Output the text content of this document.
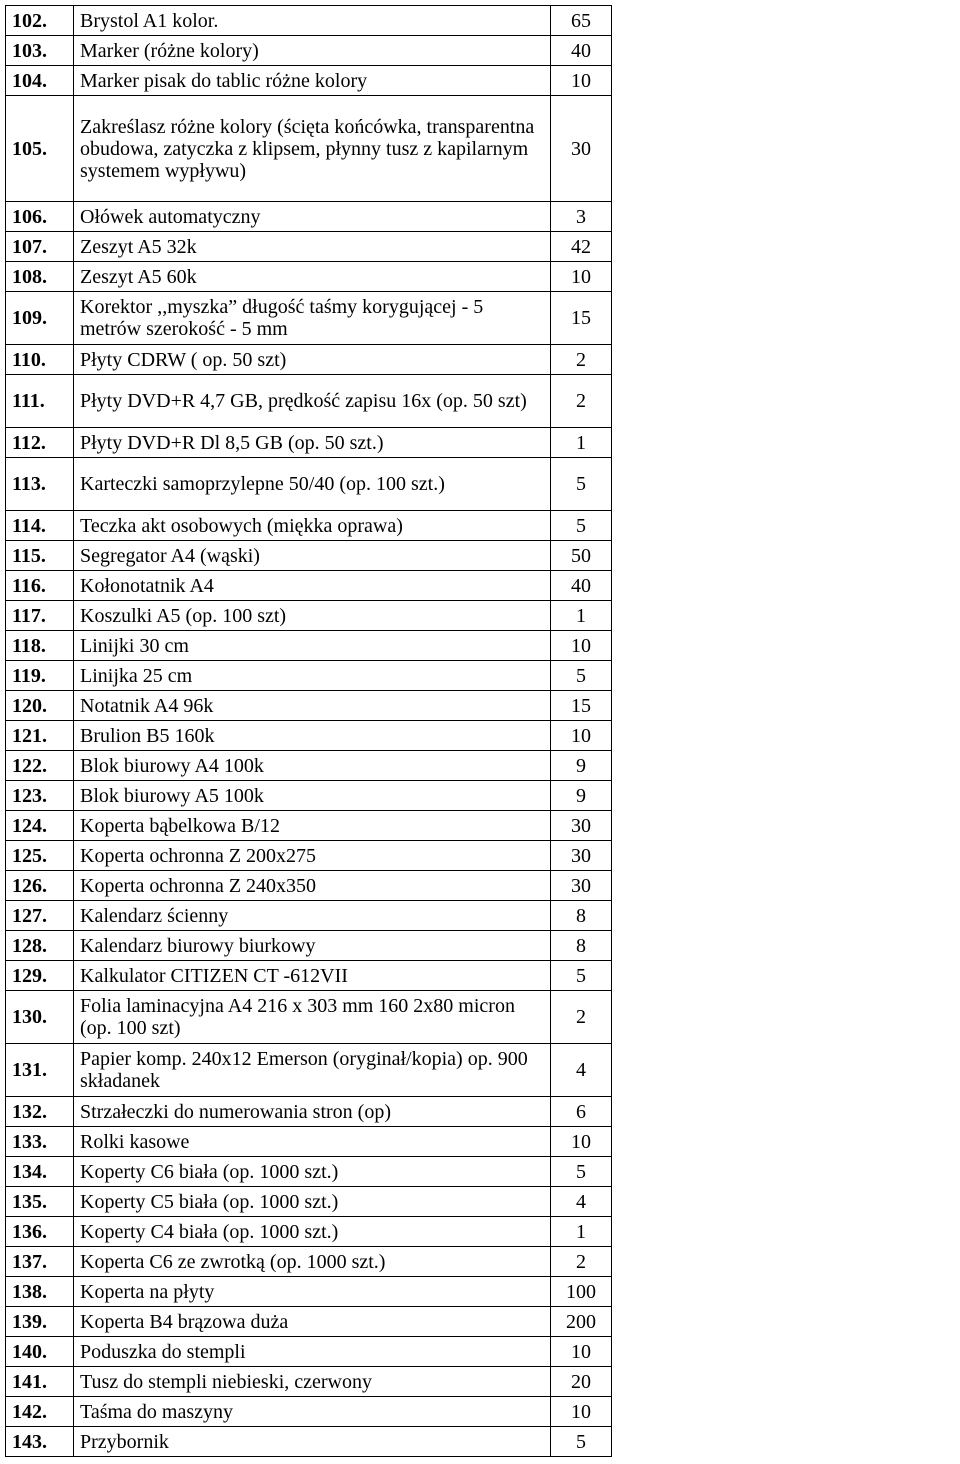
102.	Brystol A1 kolor.	65
103.	Marker (różne kolory)	40
104.	Marker pisak do tablic różne kolory	10
105.	Zakreślasz różne kolory (ścięta końcówka, transparentna obudowa, zatyczka z klipsem, płynny tusz z kapilarnym systemem wypływu)	30
106.	Ołówek automatyczny	3
107.	Zeszyt A5 32k	42
108.	Zeszyt A5 60k	10
109.	Korektor ,,myszka” długość taśmy korygującej - 5 metrów szerokość - 5 mm	15
110.	Płyty CDRW ( op. 50 szt)	2
111.	Płyty DVD+R 4,7 GB, prędkość zapisu 16x (op. 50 szt)	2
112.	Płyty DVD+R Dl 8,5 GB (op. 50 szt.)	1
113.	Karteczki samoprzylepne 50/40 (op. 100 szt.)	5
114.	Teczka akt osobowych (miękka oprawa)	5
115.	Segregator A4 (wąski)	50
116.	Kołonotatnik A4	40
117.	Koszulki A5 (op. 100 szt)	1
118.	Linijki 30 cm	10
119.	Linijka 25 cm	5
120.	Notatnik A4 96k	15
121.	Brulion B5 160k	10
122.	Blok biurowy A4 100k	9
123.	Blok biurowy A5 100k	9
124.	Koperta bąbelkowa B/12	30
125.	Koperta ochronna Z 200x275	30
126.	Koperta ochronna Z 240x350	30
127.	Kalendarz ścienny	8
128.	Kalendarz biurowy biurkowy	8
129.	Kalkulator CITIZEN CT -612VII	5
130.	Folia laminacyjna A4 216 x 303 mm 160 2x80 micron (op. 100 szt)	2
131.	Papier komp. 240x12 Emerson (oryginał/kopia) op. 900 składanek	4
132.	Strzałeczki do numerowania stron (op)	6
133.	Rolki kasowe	10
134.	Koperty C6 biała (op. 1000 szt.)	5
135.	Koperty C5 biała (op. 1000 szt.)	4
136.	Koperty C4 biała (op. 1000 szt.)	1
137.	Koperta C6 ze zwrotką (op. 1000 szt.)	2
138.	Koperta na płyty	100
139.	Koperta B4 brązowa duża	200
140.	Poduszka do stempli	10
141.	Tusz do stempli niebieski, czerwony	20
142.	Taśma do maszyny	10
143.	Przybornik	5
